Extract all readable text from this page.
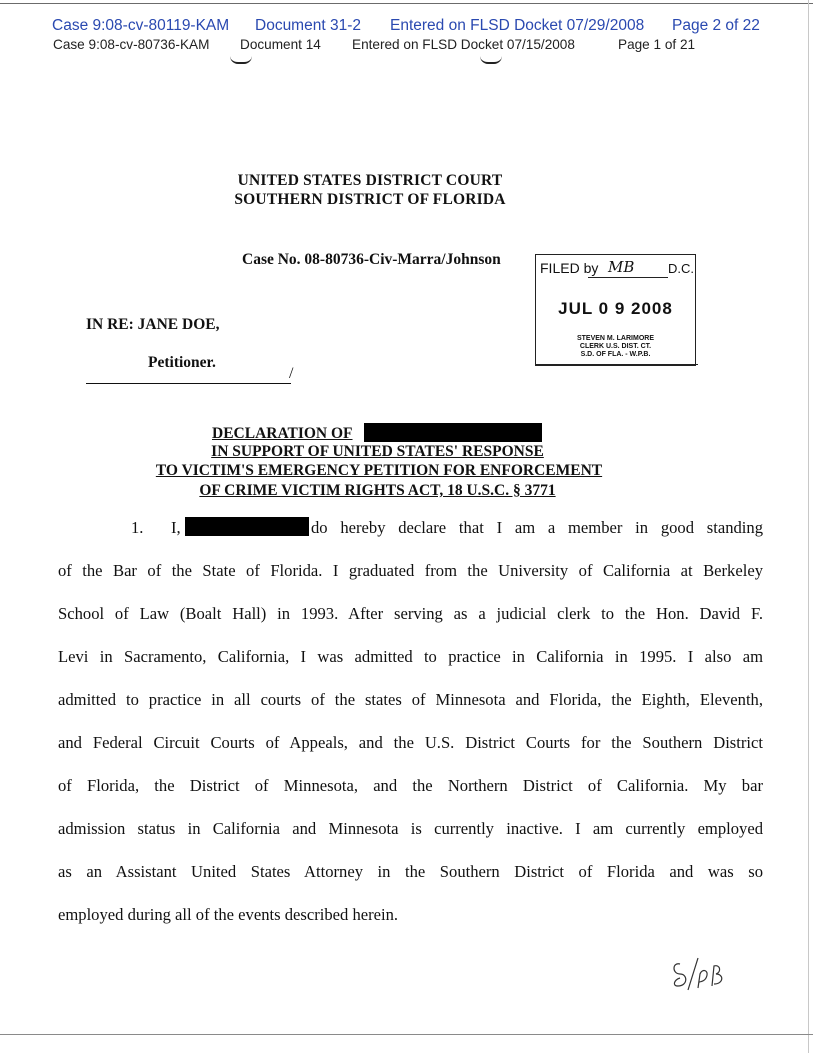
Case 9:08-cv-80119-KAM Document 31-2 Entered on FLSD Docket 07/29/2008 Page 2 of 22
Case 9:08-cv-80736-KAM Document 14 Entered on FLSD Docket 07/15/2008	Page 1 of 21
UNITED STATES DISTRICT COURT
SOUTHERN DISTRICT OF FLORIDA
Case No. 08-80736-Civ-Marra/Johnson	FILED by MB	D.C.
JUL 0 9 2008
STEVEN M. LARIMORE
CLERK U.S. DIST. CT.
S.D. OF FLA. - W.P.B.
IN RE: JANE DOE,
Petitioner.
/
DECLARATION OF
IN SUPPORT OF UNITED STATES' RESPONSE
TO VICTIM'S EMERGENCY PETITION FOR ENFORCEMENT
OF CRIME VICTIM RIGHTS ACT, 18 U.S.C. § 3771
1. I,	do hereby declare that I am a member in good standing
of the Bar of the State of Florida. I graduated from the University of California at Berkeley
School of Law (Boalt Hall) in 1993. After serving as a judicial clerk to the Hon. David F.
Levi in Sacramento, California, I was admitted to practice in California in 1995. I also am
admitted to practice in all courts of the states of Minnesota and Florida, the Eighth, Eleventh,
and Federal Circuit Courts of Appeals, and the U.S. District Courts for the Southern District
of Florida, the District of Minnesota, and the Northern District of California. My bar
admission status in California and Minnesota is currently inactive. I am currently employed
as an Assistant United States Attorney in the Southern District of Florida and was so
employed during all of the events described herein.
